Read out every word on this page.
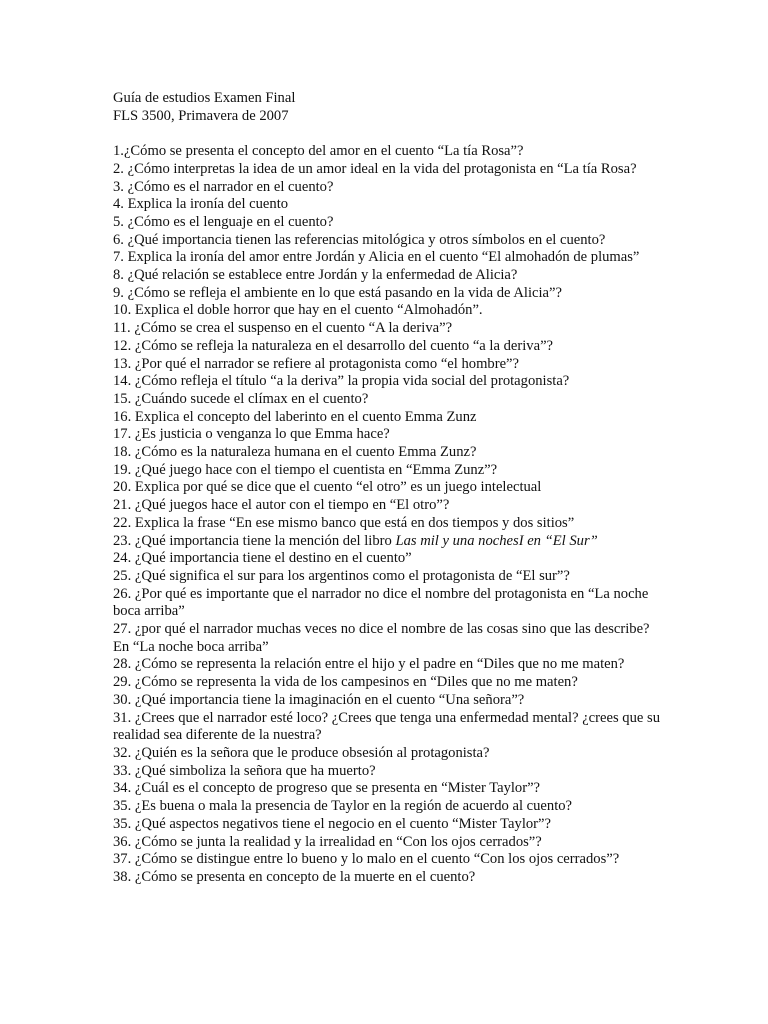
Guía de estudios Examen Final
FLS 3500, Primavera de 2007
1.¿Cómo se presenta el concepto del amor en el cuento “La tía Rosa”?
2. ¿Cómo interpretas la idea de un amor ideal en la vida del protagonista en “La tía Rosa?
3. ¿Cómo es el narrador en el cuento?
4. Explica la ironía del cuento
5. ¿Cómo es el lenguaje en el cuento?
6. ¿Qué importancia tienen las referencias mitológica y otros símbolos en el cuento?
7. Explica la ironía del amor entre Jordán y Alicia en el cuento “El almohadón de plumas”
8. ¿Qué relación se establece entre Jordán y la enfermedad de Alicia?
9. ¿Cómo se refleja el ambiente en lo que está pasando en la vida de Alicia”?
10. Explica el doble horror que hay en el cuento “Almohadón”.
11. ¿Cómo se crea el suspenso en el cuento “A la deriva”?
12. ¿Cómo se refleja la naturaleza en el desarrollo del cuento “a la deriva”?
13. ¿Por qué el narrador se refiere al protagonista como “el hombre”?
14. ¿Cómo refleja el título “a la deriva” la propia vida social del protagonista?
15. ¿Cuándo sucede el clímax en el cuento?
16. Explica el concepto del laberinto en el cuento Emma Zunz
17. ¿Es justicia o venganza lo que Emma hace?
18. ¿Cómo es la naturaleza humana en el cuento Emma Zunz?
19. ¿Qué juego hace con el tiempo el cuentista en “Emma Zunz”?
20. Explica por qué se dice que el cuento “el otro” es un juego intelectual
21. ¿Qué juegos hace el autor con el tiempo en “El otro”?
22. Explica la frase “En ese mismo banco que está en dos tiempos y dos sitios”
23. ¿Qué importancia tiene la mención del libro Las mil y una nochesI en “El Sur”
24. ¿Qué importancia tiene el destino en el cuento”
25. ¿Qué significa el sur para los argentinos como el protagonista de “El sur”?
26. ¿Por qué es importante que el narrador no dice el nombre del protagonista en “La noche boca arriba”
27. ¿por qué el narrador muchas veces no dice el nombre de las cosas sino que las describe? En “La noche boca arriba”
28. ¿Cómo se representa la relación entre el hijo y el padre en “Diles que no me maten?
29. ¿Cómo se representa la vida de los campesinos en “Diles que no me maten?
30. ¿Qué importancia tiene la imaginación en el cuento “Una señora”?
31. ¿Crees que el narrador esté loco? ¿Crees que tenga una enfermedad mental? ¿crees que su realidad sea diferente de la nuestra?
32. ¿Quién es la señora que le produce obsesión al protagonista?
33. ¿Qué simboliza la señora que ha muerto?
34. ¿Cuál es el concepto de progreso que se presenta en “Mister Taylor”?
35. ¿Es buena o mala la presencia de Taylor en la región de acuerdo al cuento?
35. ¿Qué aspectos negativos tiene el negocio en el cuento “Mister Taylor”?
36. ¿Cómo se junta la realidad y la irrealidad en “Con los ojos cerrados”?
37. ¿Cómo se distingue entre lo bueno y lo malo en el cuento “Con los ojos cerrados”?
38. ¿Cómo se presenta en concepto de la muerte en el cuento?
